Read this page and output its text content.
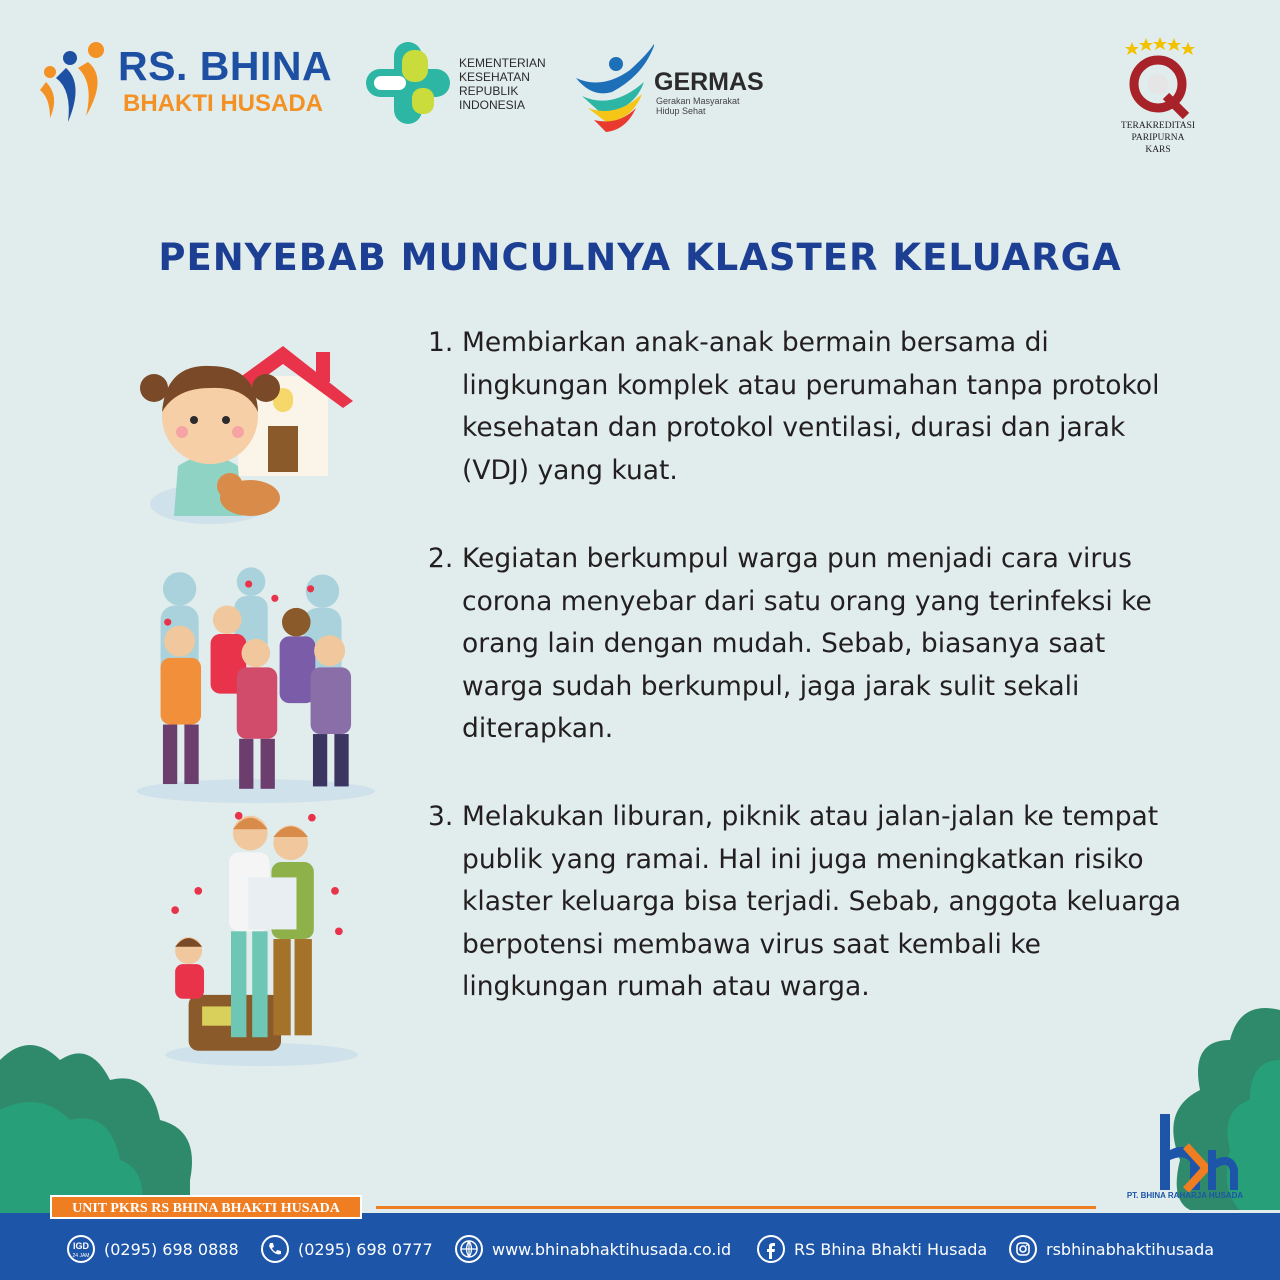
RS. BHINA
BHAKTI HUSADA
KEMENTERIAN
KESEHATAN
REPUBLIK
INDONESIA
GERMAS
Gerakan Masyarakat
Hidup Sehat
TERAKREDITASI PARIPURNA
KARS
PENYEBAB MUNCULNYA KLASTER KELUARGA
1. Membiarkan anak-anak bermain bersama di lingkungan komplek atau perumahan tanpa protokol kesehatan dan protokol ventilasi, durasi dan jarak (VDJ) yang kuat.
2. Kegiatan berkumpul warga pun menjadi cara virus corona menyebar dari satu orang yang terinfeksi ke orang lain dengan mudah. Sebab, biasanya saat warga sudah berkumpul, jaga jarak sulit sekali diterapkan.
3. Melakukan liburan, piknik atau jalan-jalan ke tempat publik yang ramai. Hal ini juga meningkatkan risiko klaster keluarga bisa terjadi. Sebab, anggota keluarga berpotensi membawa virus saat kembali ke lingkungan rumah atau warga.
PT. BHINA RAHARJA HUSADA
UNIT PKRS RS BHINA BHAKTI HUSADA
IGD
24 JAM (0295) 698 0888	(0295) 698 0777	www.bhinabhaktihusada.co.id	RS Bhina Bhakti Husada	rsbhinabhaktihusada
